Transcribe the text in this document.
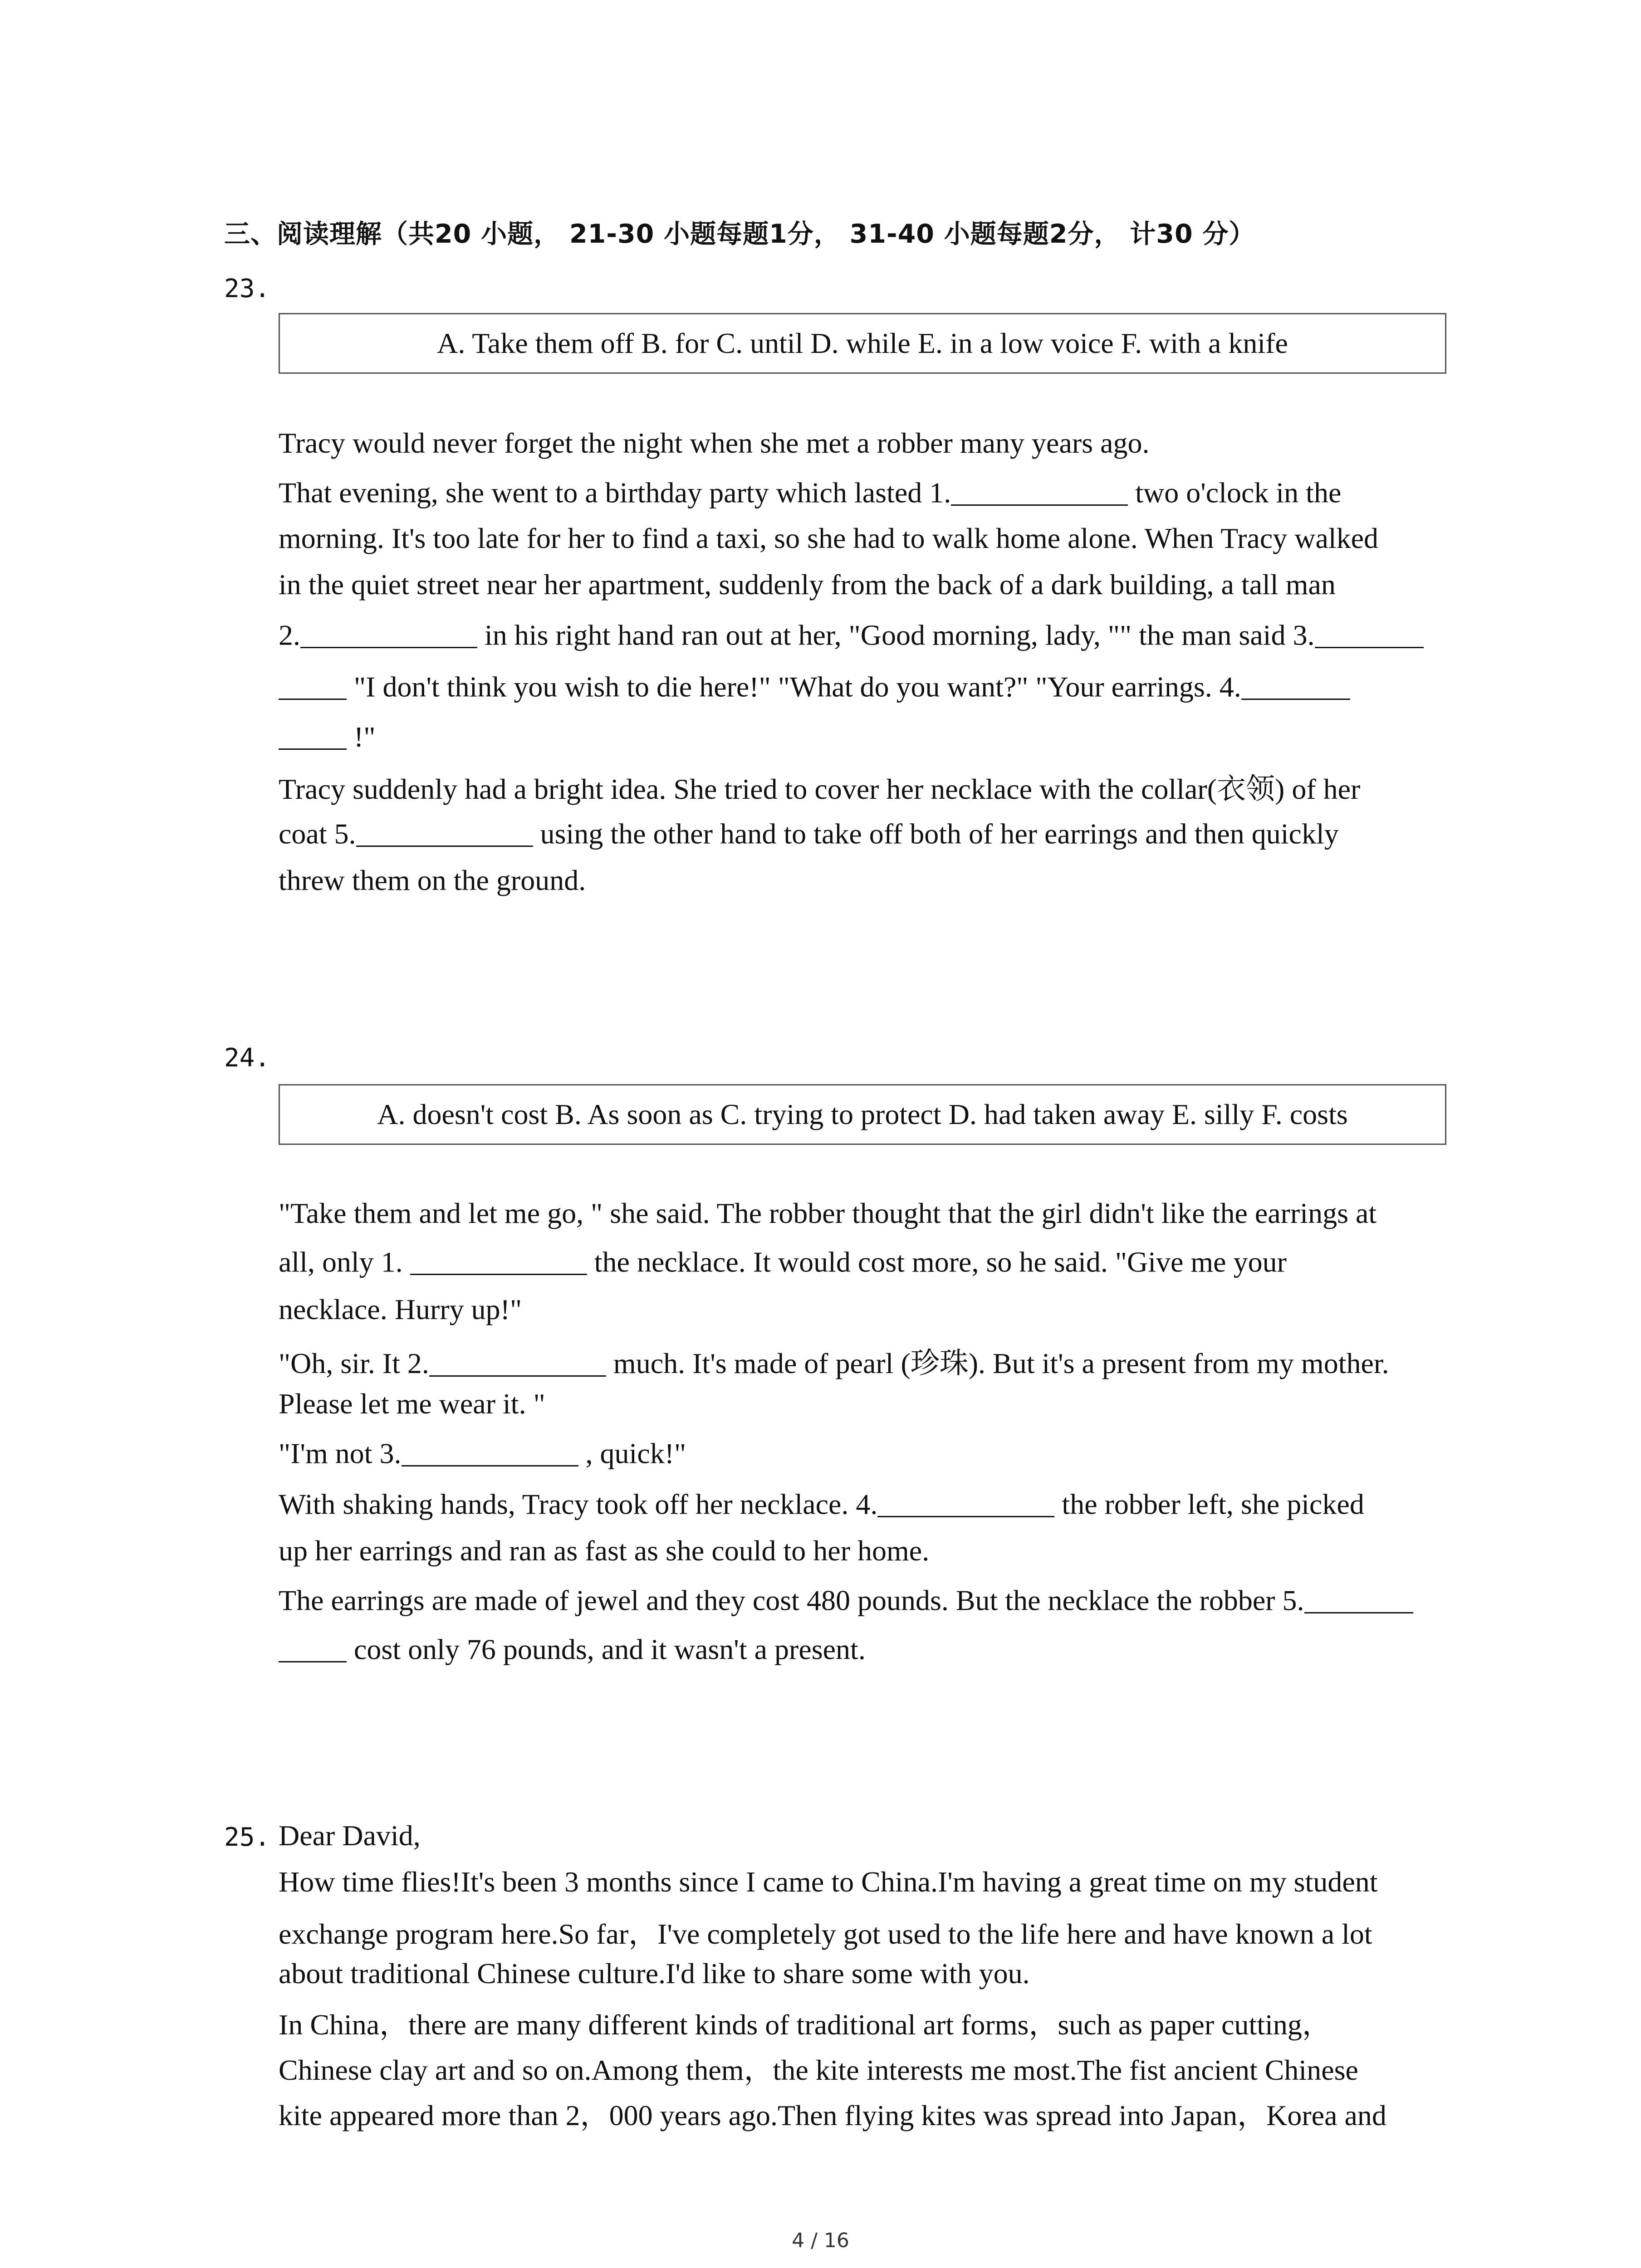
三、阅读理解（共20 小题， 21-30 小题每题1分， 31-40 小题每题2分， 计30 分）
23.
A. Take them off B. for C. until D. while E. in a low voice F. with a knife
Tracy would never forget the night when she met a robber many years ago.
That evening, she went to a birthday party which lasted 1.	two o'clock in the
morning. It's too late for her to find a taxi, so she had to walk home alone. When Tracy walked
in the quiet street near her apartment, suddenly from the back of a dark building, a tall man
2.	in his right hand ran out at her, "Good morning, lady, "" the man said 3.
"I don't think you wish to die here!" "What do you want?" "Your earrings. 4.
!"
Tracy suddenly had a bright idea. She tried to cover her necklace with the collar(衣领) of her
coat 5.	using the other hand to take off both of her earrings and then quickly
threw them on the ground.
24.
A. doesn't cost B. As soon as C. trying to protect D. had taken away E. silly F. costs
"Take them and let me go, " she said. The robber thought that the girl didn't like the earrings at
all, only 1.	the necklace. It would cost more, so he said. "Give me your
necklace. Hurry up!"
"Oh, sir. It 2.	much. It's made of pearl (珍珠). But it's a present from my mother.
Please let me wear it. "
"I'm not 3.	, quick!"
With shaking hands, Tracy took off her necklace. 4.	the robber left, she picked
up her earrings and ran as fast as she could to her home.
The earrings are made of jewel and they cost 480 pounds. But the necklace the robber 5.
cost only 76 pounds, and it wasn't a present.
25. Dear David,
How time flies!It's been 3 months since I came to China.I'm having a great time on my student
exchange program here.So far，I've completely got used to the life here and have known a lot
about traditional Chinese culture.I'd like to share some with you.
In China，there are many different kinds of traditional art forms，such as paper cutting，
Chinese clay art and so on.Among them，the kite interests me most.The fist ancient Chinese
kite appeared more than 2，000 years ago.Then flying kites was spread into Japan，Korea and
4 / 16
